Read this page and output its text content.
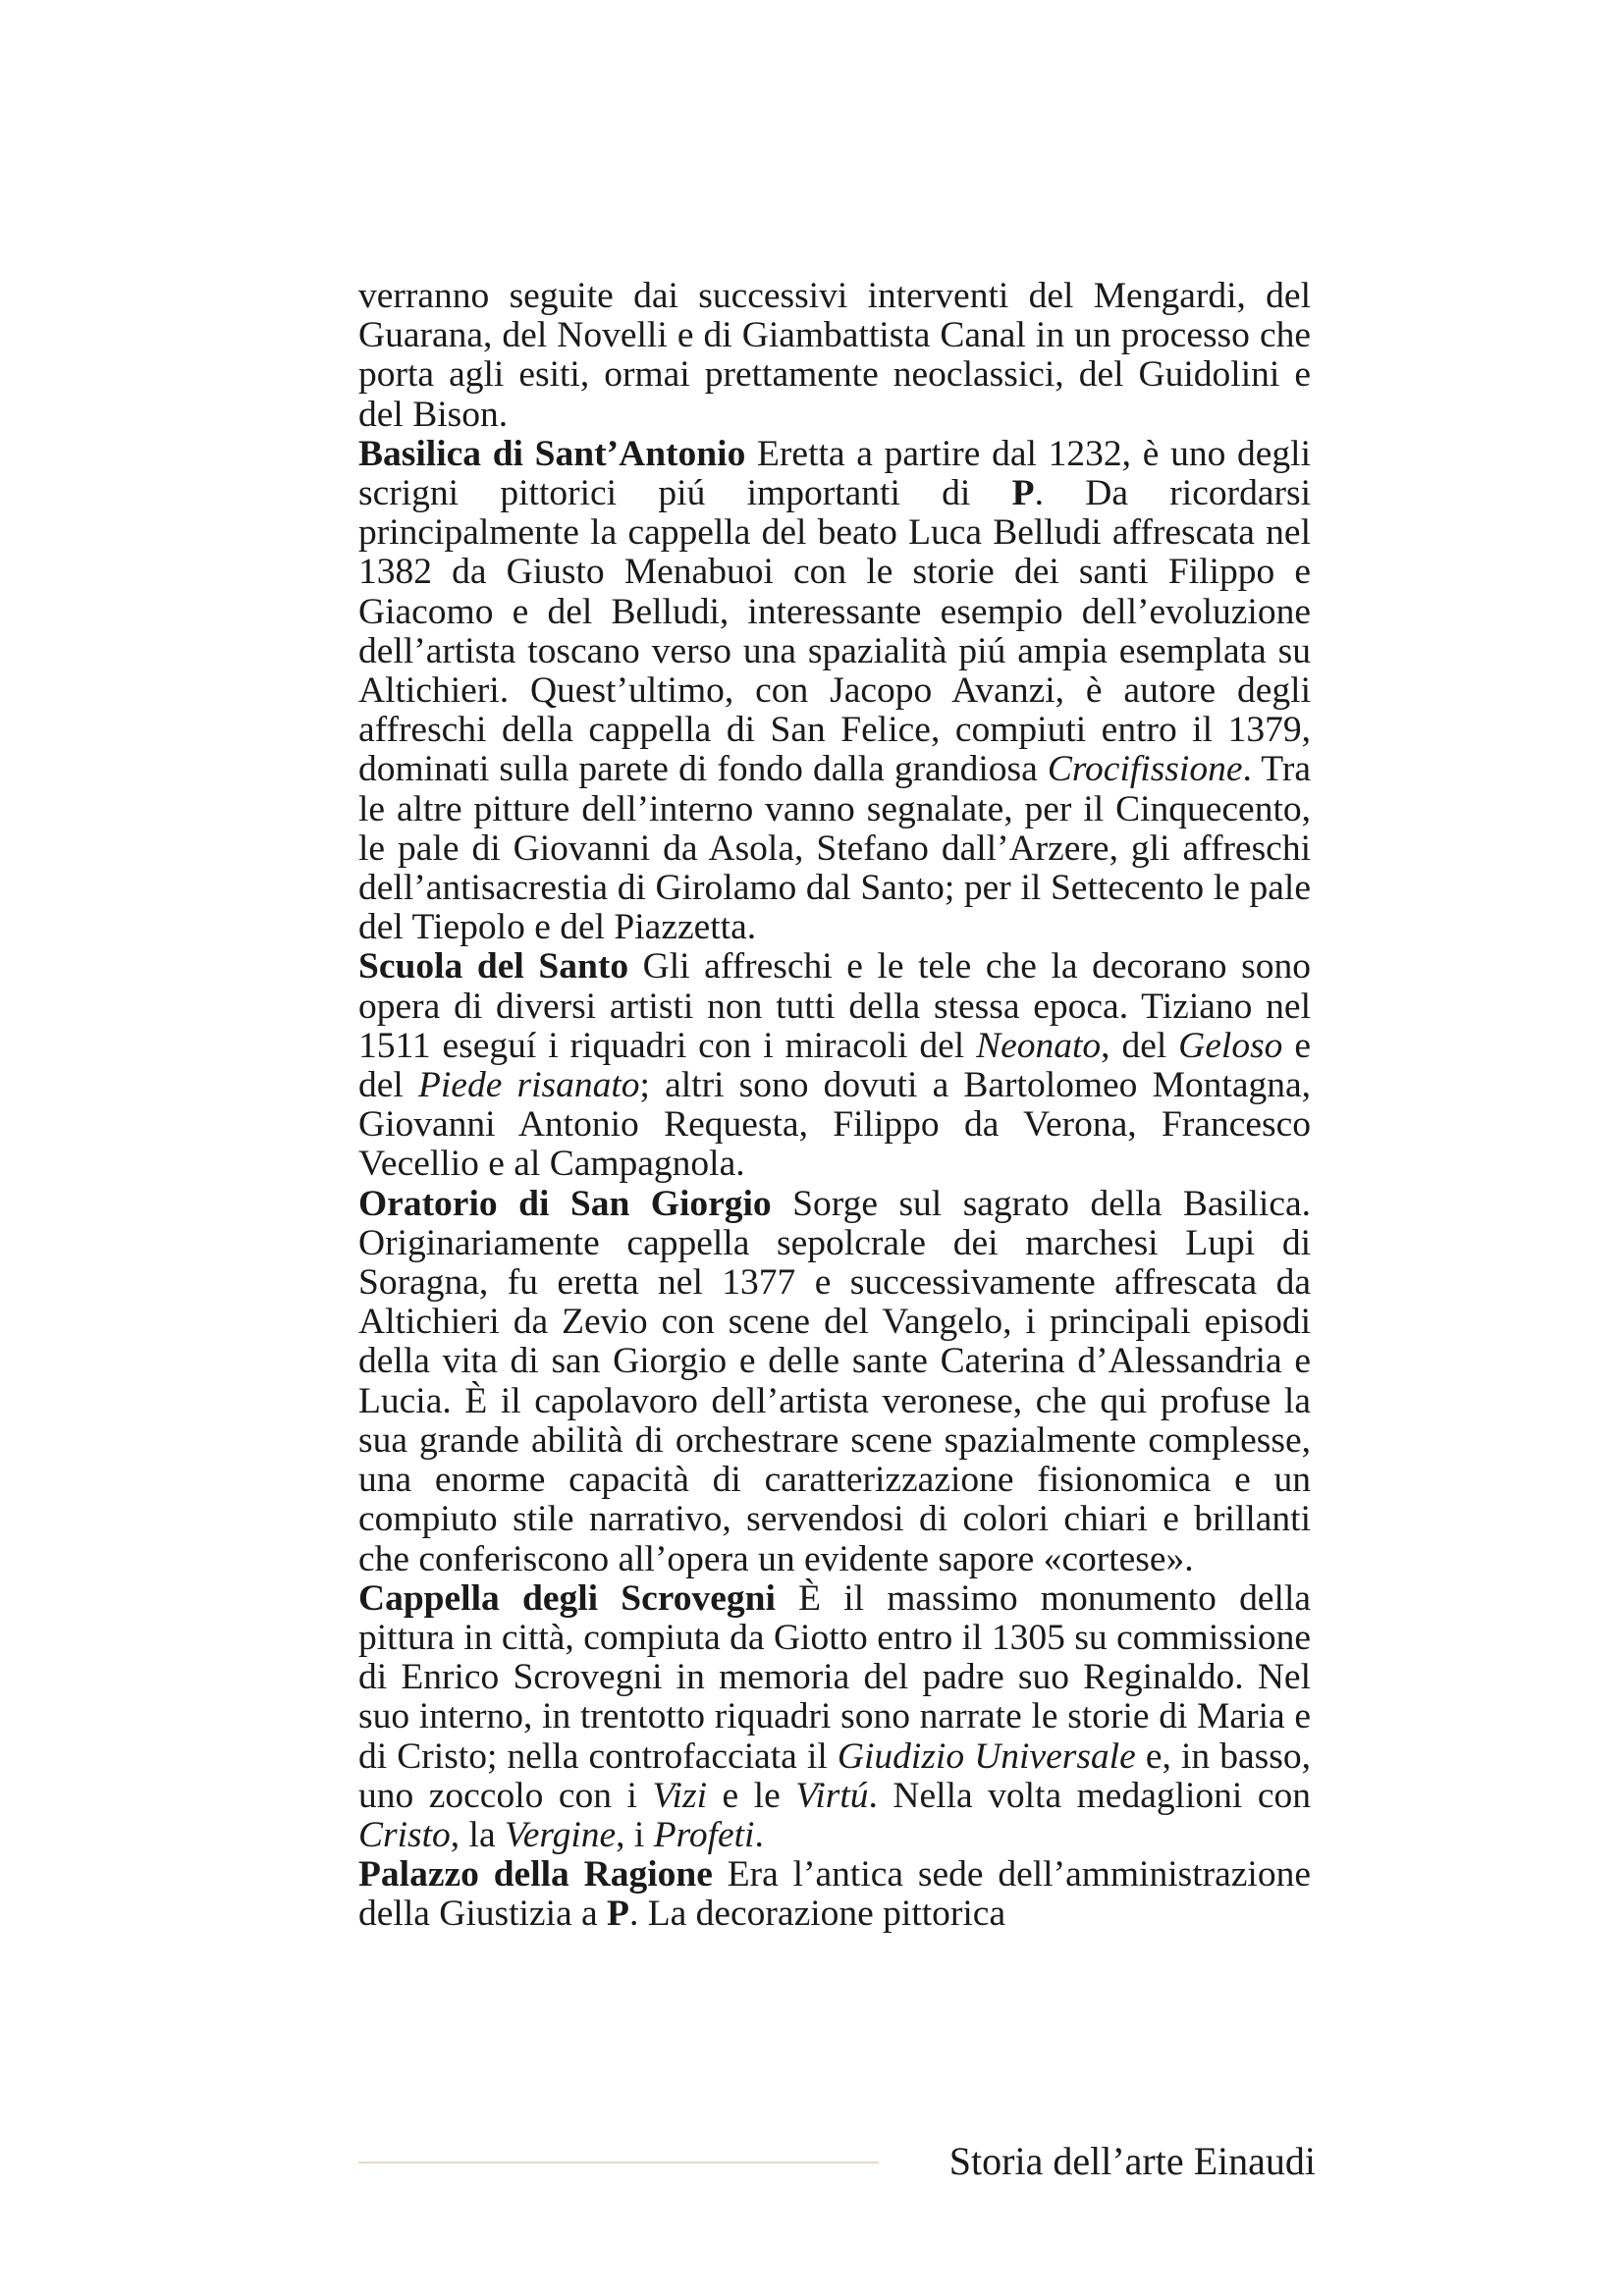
verranno seguite dai successivi interventi del Mengardi, del Guarana, del Novelli e di Giambattista Canal in un processo che porta agli esiti, ormai prettamente neoclassici, del Guidolini e del Bison.

Basilica di Sant’Antonio Eretta a partire dal 1232, è uno degli scrigni pittorici piú importanti di P. Da ricordarsi principalmente la cappella del beato Luca Belludi affrescata nel 1382 da Giusto Menabuoi con le storie dei santi Filippo e Giacomo e del Belludi, interessante esempio dell’evoluzione dell’artista toscano verso una spazialità piú ampia esemplata su Altichieri. Quest’ultimo, con Jacopo Avanzi, è autore degli affreschi della cappella di San Felice, compiuti entro il 1379, dominati sulla parete di fondo dalla grandiosa Crocifissione. Tra le altre pitture dell’interno vanno segnalate, per il Cinquecento, le pale di Giovanni da Asola, Stefano dall’Arzere, gli affreschi dell’antisacrestia di Girolamo dal Santo; per il Settecento le pale del Tiepolo e del Piazzetta.

Scuola del Santo Gli affreschi e le tele che la decorano sono opera di diversi artisti non tutti della stessa epoca. Tiziano nel 1511 eseguí i riquadri con i miracoli del Neonato, del Geloso e del Piede risanato; altri sono dovuti a Bartolomeo Montagna, Giovanni Antonio Requesta, Filippo da Verona, Francesco Vecellio e al Campagnola.

Oratorio di San Giorgio Sorge sul sagrato della Basilica. Originariamente cappella sepolcrale dei marchesi Lupi di Soragna, fu eretta nel 1377 e successivamente affrescata da Altichieri da Zevio con scene del Vangelo, i principali episodi della vita di san Giorgio e delle sante Caterina d’Alessandria e Lucia. È il capolavoro dell’artista veronese, che qui profuse la sua grande abilità di orchestrare scene spazialmente complesse, una enorme capacità di caratterizzazione fisionomica e un compiuto stile narrativo, servendosi di colori chiari e brillanti che conferiscono all’opera un evidente sapore «cortese».

Cappella degli Scrovegni È il massimo monumento della pittura in città, compiuta da Giotto entro il 1305 su commissione di Enrico Scrovegni in memoria del padre suo Reginaldo. Nel suo interno, in trentotto riquadri sono narrate le storie di Maria e di Cristo; nella controfacciata il Giudizio Universale e, in basso, uno zoccolo con i Vizi e le Virtú. Nella volta medaglioni con Cristo, la Vergine, i Profeti.

Palazzo della Ragione Era l’antica sede dell’amministrazione della Giustizia a P. La decorazione pittorica

Storia dell’arte Einaudi
